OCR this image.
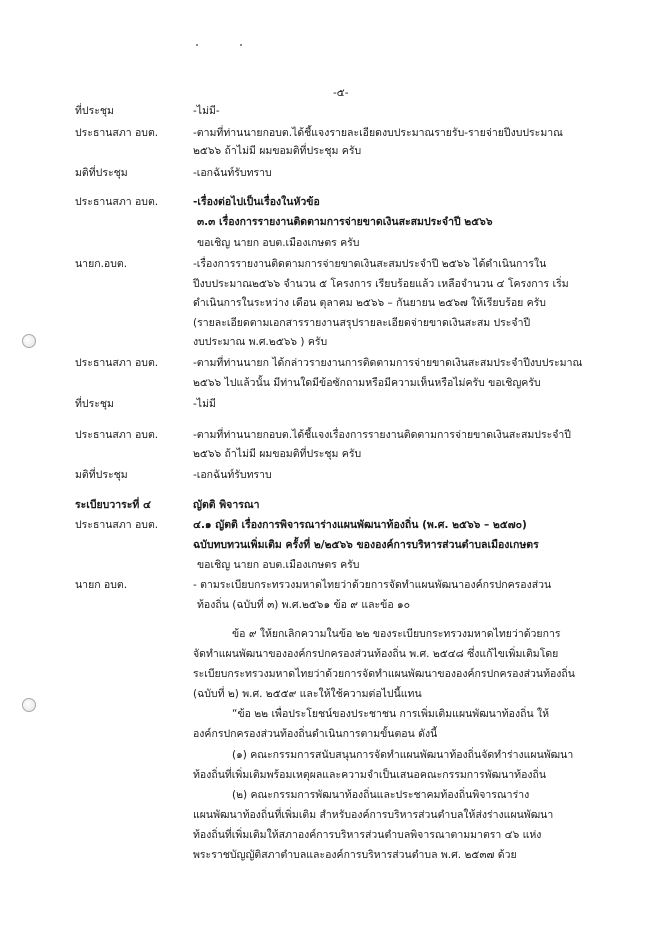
-๕-
ที่ประชุม	-ไม่มี-
ประธานสภา อบต.	-ตามที่ท่านนายกอบต.ได้ชี้แจงรายละเอียดงบประมาณรายรับ-รายจ่ายปีงบประมาณ
๒๕๖๖ ถ้าไม่มี ผมขอมติที่ประชุม ครับ
มติที่ประชุม	-เอกฉันท์รับทราบ
ประธานสภา อบต.	-เรื่องต่อไปเป็นเรื่องในหัวข้อ
๓.๓ เรื่องการรายงานติดตามการจ่ายขาดเงินสะสมประจำปี ๒๕๖๖
ขอเชิญ นายก อบต.เมืองเกษตร ครับ
นายก.อบต.	-เรื่องการรายงานติดตามการจ่ายขาดเงินสะสมประจำปี ๒๕๖๖ ได้ดำเนินการใน
ปีงบประมาณ๒๕๖๖ จำนวน ๕ โครงการ เรียบร้อยแล้ว เหลือจำนวน ๔ โครงการ เริ่ม
ดำเนินการในระหว่าง เดือน ตุลาคม ๒๕๖๖ – กันยายน ๒๕๖๗ ให้เรียบร้อย ครับ
(รายละเอียดตามเอกสารรายงานสรุปรายละเอียดจ่ายขาดเงินสะสม ประจำปี
งบประมาณ พ.ศ.๒๕๖๖ ) ครับ
ประธานสภา อบต.	-ตามที่ท่านนายก ได้กล่าวรายงานการติดตามการจ่ายขาดเงินสะสมประจำปีงบประมาณ
๒๕๖๖ ไปแล้วนั้น มีท่านใดมีข้อซักถามหรือมีความเห็นหรือไม่ครับ ขอเชิญครับ
ที่ประชุม	-ไม่มี
ประธานสภา อบต.	-ตามที่ท่านนายกอบต.ได้ชี้แจงเรื่องการรายงานติดตามการจ่ายขาดเงินสะสมประจำปี
๒๕๖๖ ถ้าไม่มี ผมขอมติที่ประชุม ครับ
มติที่ประชุม	-เอกฉันท์รับทราบ
ระเบียบวาระที่ ๔	ญัตติ พิจารณา
ประธานสภา อบต.	๔.๑ ญัตติ เรื่องการพิจารณาร่างแผนพัฒนาท้องถิ่น (พ.ศ. ๒๕๖๖ – ๒๕๗๐)
ฉบับทบทวนเพิ่มเติม ครั้งที่ ๒/๒๕๖๖ ขององค์การบริหารส่วนตำบลเมืองเกษตร
ขอเชิญ นายก อบต.เมืองเกษตร ครับ
นายก อบต.	- ตามระเบียบกระทรวงมหาดไทยว่าด้วยการจัดทำแผนพัฒนาองค์กรปกครองส่วน
ท้องถิ่น (ฉบับที่ ๓) พ.ศ.๒๕๖๑ ข้อ ๙ และข้อ ๑๐
ข้อ ๙ ให้ยกเลิกความในข้อ ๒๒ ของระเบียบกระทรวงมหาดไทยว่าด้วยการ
จัดทำแผนพัฒนาขององค์กรปกครองส่วนท้องถิ่น พ.ศ. ๒๕๔๘ ซึ่งแก้ไขเพิ่มเติมโดย
ระเบียบกระทรวงมหาดไทยว่าด้วยการจัดทำแผนพัฒนาขององค์กรปกครองส่วนท้องถิ่น
(ฉบับที่ ๒) พ.ศ. ๒๕๕๙ และให้ใช้ความต่อไปนี้แทน
“ข้อ ๒๒ เพื่อประโยชน์ของประชาชน การเพิ่มเติมแผนพัฒนาท้องถิ่น ให้
องค์กรปกครองส่วนท้องถิ่นดำเนินการตามขั้นตอน ดังนี้
(๑) คณะกรรมการสนับสนุนการจัดทำแผนพัฒนาท้องถิ่นจัดทำร่างแผนพัฒนา
ท้องถิ่นที่เพิ่มเติมพร้อมเหตุผลและความจำเป็นเสนอคณะกรรมการพัฒนาท้องถิ่น
(๒) คณะกรรมการพัฒนาท้องถิ่นและประชาคมท้องถิ่นพิจารณาร่าง
แผนพัฒนาท้องถิ่นที่เพิ่มเติม สำหรับองค์การบริหารส่วนตำบลให้ส่งร่างแผนพัฒนา
ท้องถิ่นที่เพิ่มเติมให้สภาองค์การบริหารส่วนตำบลพิจารณาตามมาตรา ๔๖ แห่ง
พระราชบัญญัติสภาตำบลและองค์การบริหารส่วนตำบล พ.ศ. ๒๕๓๗ ด้วย
